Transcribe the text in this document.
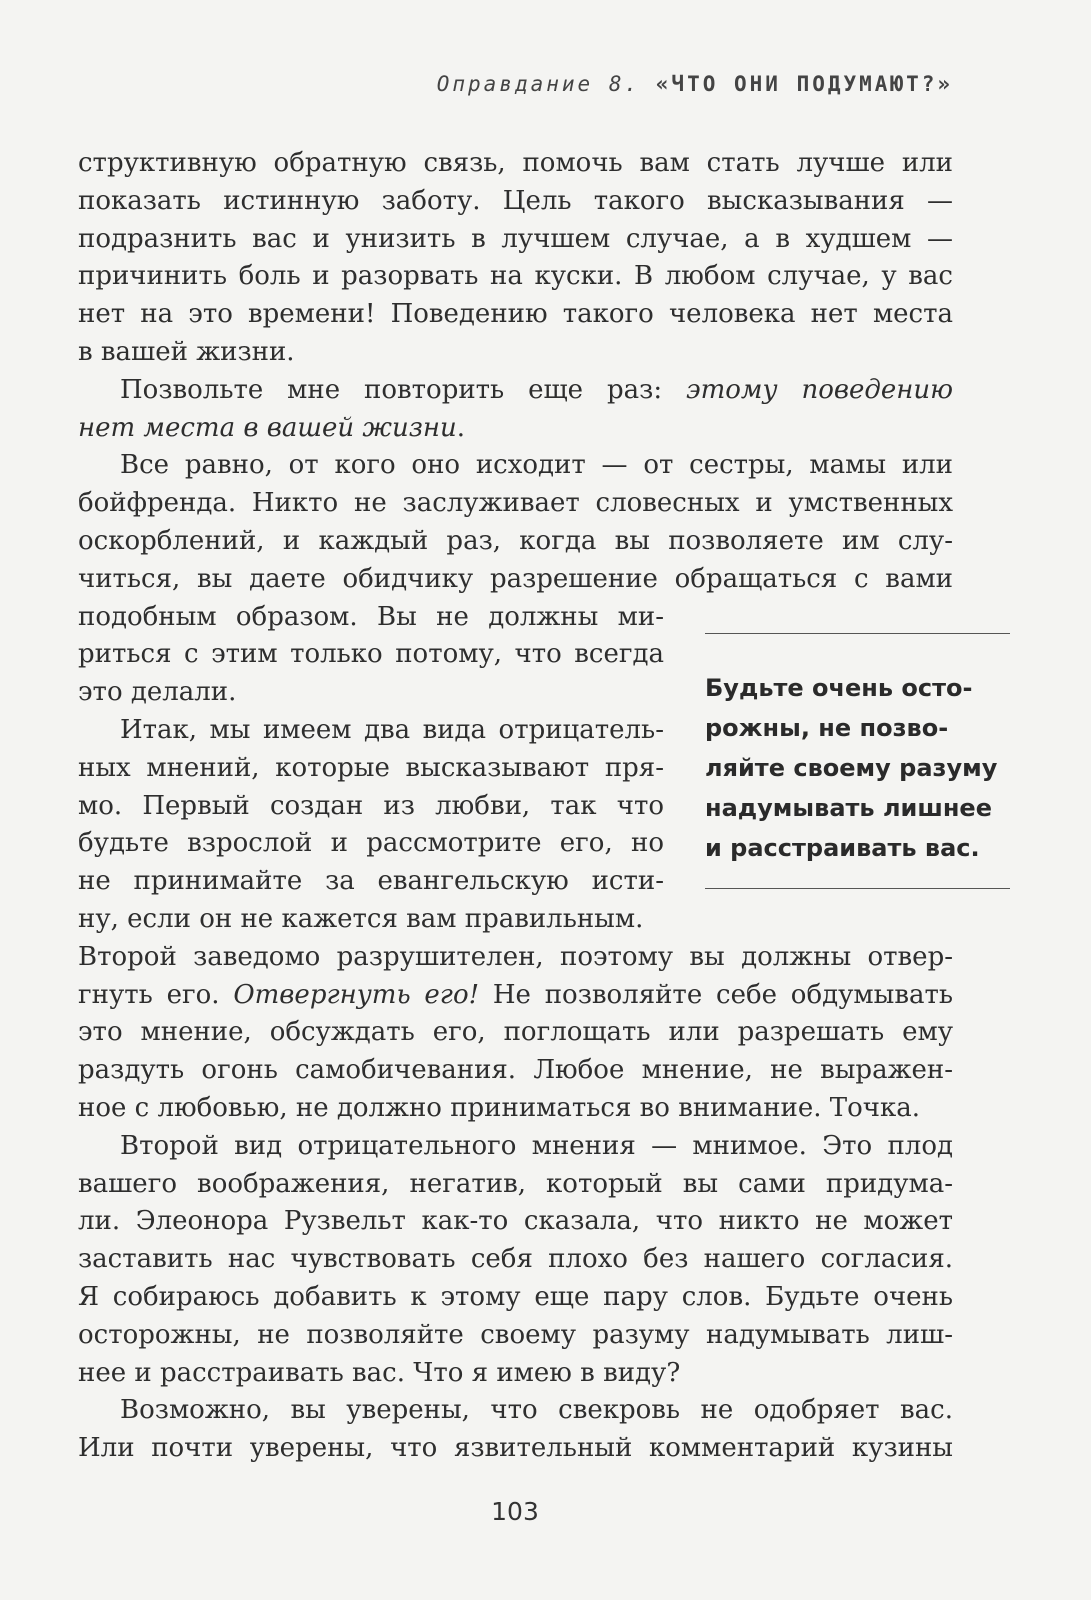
Оправдание 8. «ЧТО ОНИ ПОДУМАЮТ?»
структивную обратную связь, помочь вам стать лучше или
показать истинную заботу. Цель такого высказывания —
подразнить вас и унизить в лучшем случае, а в худшем —
причинить боль и разорвать на куски. В любом случае, у вас
нет на это времени! Поведению такого человека нет места
в вашей жизни.
Позвольте мне повторить еще раз: этому поведению
нет места в вашей жизни.
Все равно, от кого оно исходит — от сестры, мамы или
бойфренда. Никто не заслуживает словесных и умственных
оскорблений, и каждый раз, когда вы позволяете им слу-
читься, вы даете обидчику разрешение обращаться с вами
подобным образом. Вы не должны ми-
риться с этим только потому, что всегда
это делали.
Итак, мы имеем два вида отрицатель-
ных мнений, которые высказывают пря-
мо. Первый создан из любви, так что
будьте взрослой и рассмотрите его, но
не принимайте за евангельскую исти-
ну, если он не кажется вам правильным.
Второй заведомо разрушителен, поэтому вы должны отвер-
гнуть его. Отвергнуть его! Не позволяйте себе обдумывать
это мнение, обсуждать его, поглощать или разрешать ему
раздуть огонь самобичевания. Любое мнение, не выражен-
ное с любовью, не должно приниматься во внимание. Точка.
Второй вид отрицательного мнения — мнимое. Это плод
вашего воображения, негатив, который вы сами придума-
ли. Элеонора Рузвельт как-то сказала, что никто не может
заставить нас чувствовать себя плохо без нашего согласия.
Я собираюсь добавить к этому еще пару слов. Будьте очень
осторожны, не позволяйте своему разуму надумывать лиш-
нее и расстраивать вас. Что я имею в виду?
Возможно, вы уверены, что свекровь не одобряет вас.
Или почти уверены, что язвительный комментарий кузины
Будьте очень осто-
рожны, не позво-
ляйте своему разуму
надумывать лишнее
и расстраивать вас.
103
